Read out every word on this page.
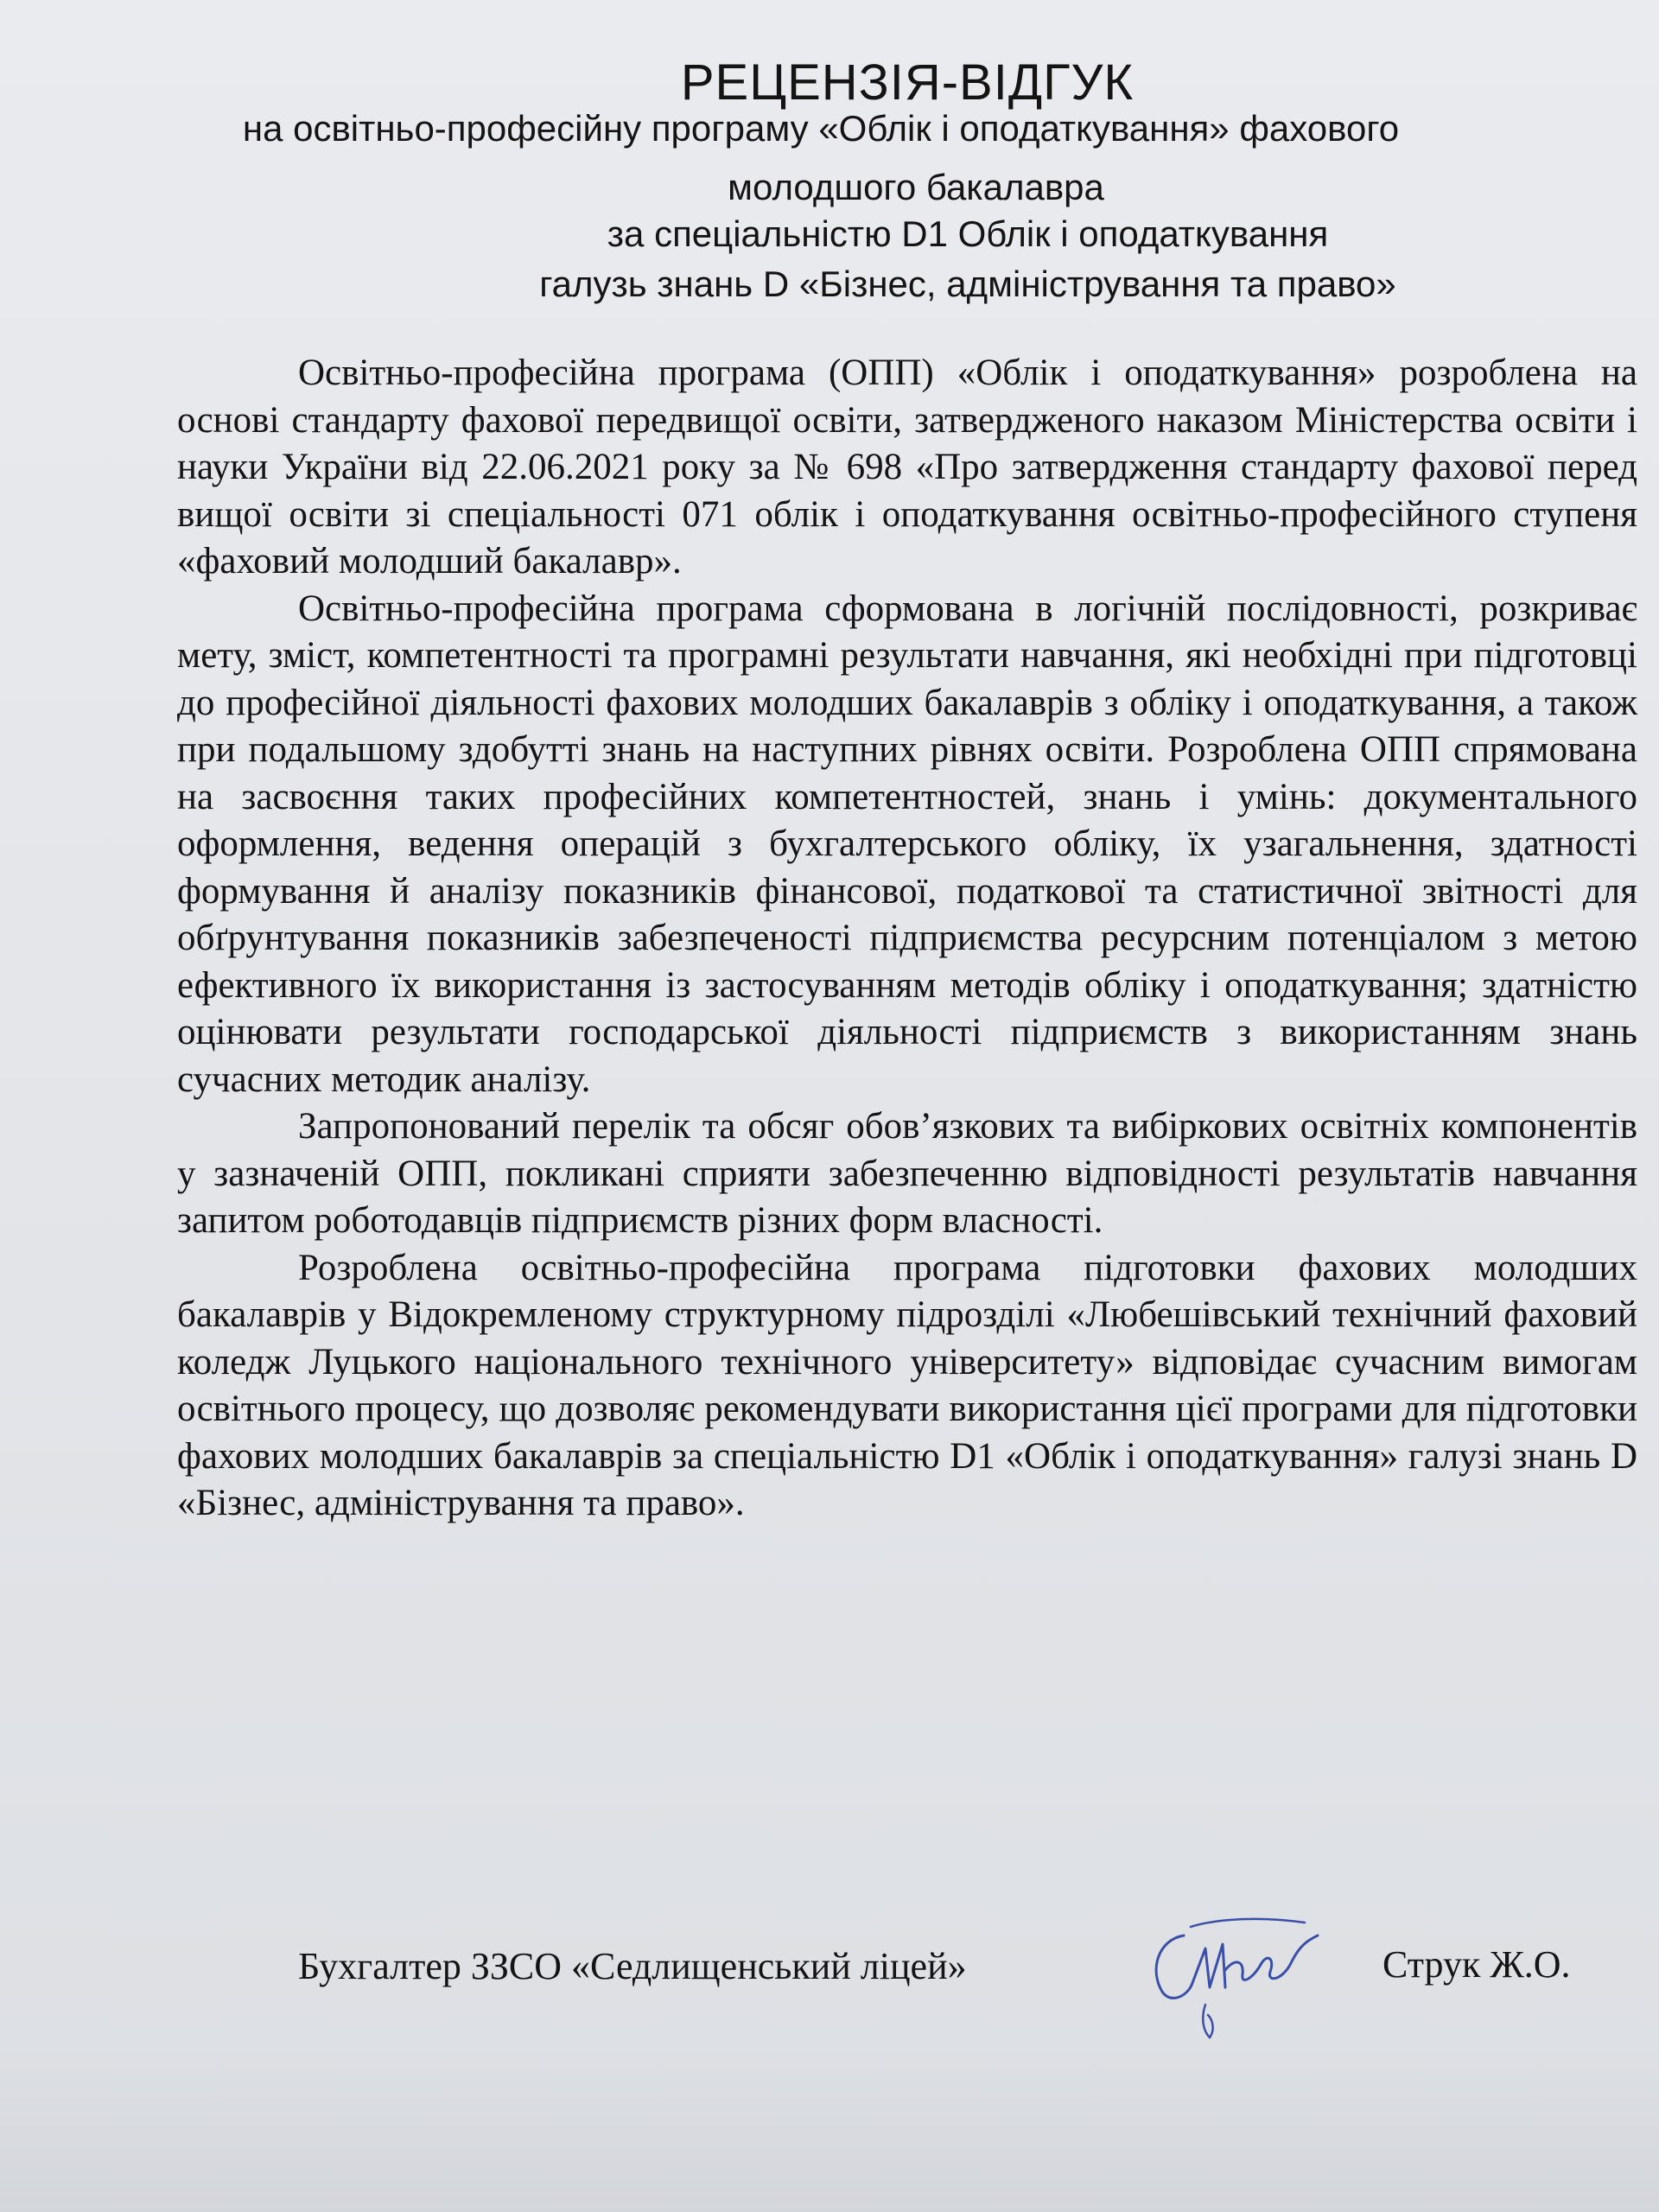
РЕЦЕНЗІЯ-ВІДГУК
на освітньо-професійну програму «Облік і оподаткування» фахового
молодшого бакалавра
за спеціальністю D1 Облік і оподаткування
галузь знань D «Бізнес, адміністрування та право»

Освітньо-професійна програма (ОПП) «Облік і оподаткування» розроблена на основі стандарту фахової передвищої освіти, затвердженого наказом Міністерства освіти і науки України від 22.06.2021 року за № 698 «Про затвердження стандарту фахової перед вищої освіти зі спеціальності 071 облік і оподаткування освітньо-професійного ступеня «фаховий молодший бакалавр».

Освітньо-професійна програма сформована в логічній послідовності, розкриває мету, зміст, компетентності та програмні результати навчання, які необхідні при підготовці до професійної діяльності фахових молодших бакалаврів з обліку і оподаткування, а також при подальшому здобутті знань на наступних рівнях освіти. Розроблена ОПП спрямована на засвоєння таких професійних компетентностей, знань і умінь: документального оформлення, ведення операцій з бухгалтерського обліку, їх узагальнення, здатності формування й аналізу показників фінансової, податкової та статистичної звітності для обґрунтування показників забезпеченості підприємства ресурсним потенціалом з метою ефективного їх використання із застосуванням методів обліку і оподаткування; здатністю оцінювати результати господарської діяльності підприємств з використанням знань сучасних методик аналізу.

Запропонований перелік та обсяг обов’язкових та вибіркових освітніх компонентів у зазначеній ОПП, покликані сприяти забезпеченню відповідності результатів навчання запитом роботодавців підприємств різних форм власності.

Розроблена освітньо-професійна програма підготовки фахових молодших бакалаврів у Відокремленому структурному підрозділі «Любешівський технічний фаховий коледж Луцького національного технічного університету» відповідає сучасним вимогам освітнього процесу, що дозволяє рекомендувати використання цієї програми для підготовки фахових молодших бакалаврів за спеціальністю D1 «Облік і оподаткування» галузі знань D «Бізнес, адміністрування та право».

Бухгалтер ЗЗСО «Седлищенський ліцей»	Струк Ж.О.
